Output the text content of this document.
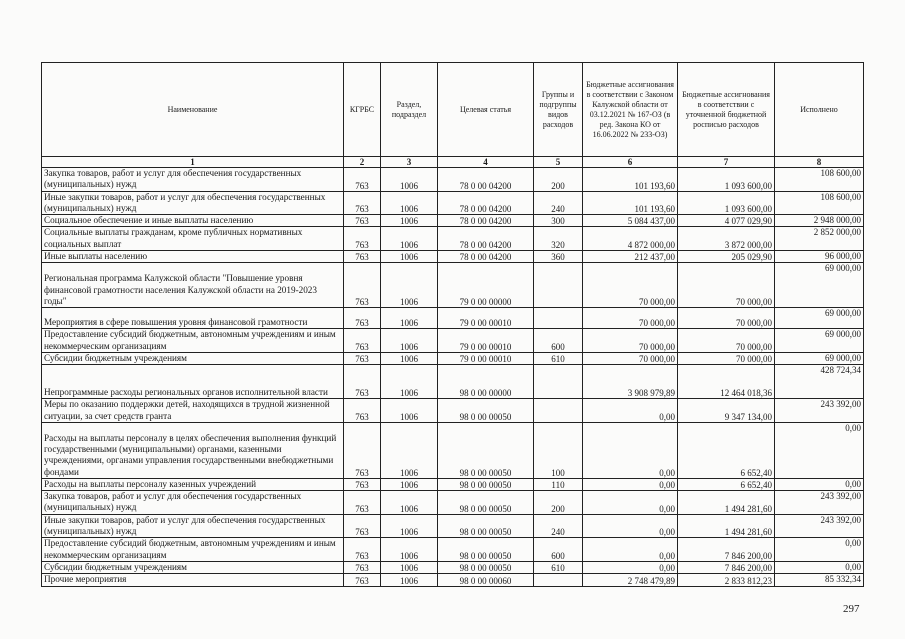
Наименование	КГРБС	Раздел, подраздел	Целевая статья	Группы и подгруппы видов расходов	Бюджетные ассигнования в соответствии с Законом Калужской области от 03.12.2021 № 167-ОЗ (в ред. Закона КО от 16.06.2022 № 233-ОЗ)	Бюджетные ассигнования в соответствии с уточненной бюджетной росписью расходов	Исполнено
1	2	3	4	5	6	7	8
Закупка товаров, работ и услуг для обеспечения государственных (муниципальных) нужд	763	1006	78 0 00 04200	200	101 193,60	1 093 600,00	108 600,00
Иные закупки товаров, работ и услуг для обеспечения государственных (муниципальных) нужд	763	1006	78 0 00 04200	240	101 193,60	1 093 600,00	108 600,00
Социальное обеспечение и иные выплаты населению	763	1006	78 0 00 04200	300	5 084 437,00	4 077 029,90	2 948 000,00
Социальные выплаты гражданам, кроме публичных нормативных социальных выплат	763	1006	78 0 00 04200	320	4 872 000,00	3 872 000,00	2 852 000,00
Иные выплаты населению	763	1006	78 0 00 04200	360	212 437,00	205 029,90	96 000,00
Региональная программа Калужской области "Повышение уровня финансовой грамотности населения Калужской области на 2019-2023 годы"	763	1006	79 0 00 00000		70 000,00	70 000,00	69 000,00
Мероприятия в сфере повышения уровня финансовой грамотности	763	1006	79 0 00 00010		70 000,00	70 000,00	69 000,00
Предоставление субсидий бюджетным, автономным учреждениям и иным некоммерческим организациям	763	1006	79 0 00 00010	600	70 000,00	70 000,00	69 000,00
Субсидии бюджетным учреждениям	763	1006	79 0 00 00010	610	70 000,00	70 000,00	69 000,00
Непрограммные расходы региональных органов исполнительной власти	763	1006	98 0 00 00000		3 908 979,89	12 464 018,36	428 724,34
Меры по оказанию поддержки детей, находящихся в трудной жизненной ситуации, за счет средств гранта	763	1006	98 0 00 00050		0,00	9 347 134,00	243 392,00
Расходы на выплаты персоналу в целях обеспечения выполнения функций государственными (муниципальными) органами, казенными учреждениями, органами управления государственными внебюджетными фондами	763	1006	98 0 00 00050	100	0,00	6 652,40	0,00
Расходы на выплаты персоналу казенных учреждений	763	1006	98 0 00 00050	110	0,00	6 652,40	0,00
Закупка товаров, работ и услуг для обеспечения государственных (муниципальных) нужд	763	1006	98 0 00 00050	200	0,00	1 494 281,60	243 392,00
Иные закупки товаров, работ и услуг для обеспечения государственных (муниципальных) нужд	763	1006	98 0 00 00050	240	0,00	1 494 281,60	243 392,00
Предоставление субсидий бюджетным, автономным учреждениям и иным некоммерческим организациям	763	1006	98 0 00 00050	600	0,00	7 846 200,00	0,00
Субсидии бюджетным учреждениям	763	1006	98 0 00 00050	610	0,00	7 846 200,00	0,00
Прочие мероприятия	763	1006	98 0 00 00060		2 748 479,89	2 833 812,23	85 332,34
297
